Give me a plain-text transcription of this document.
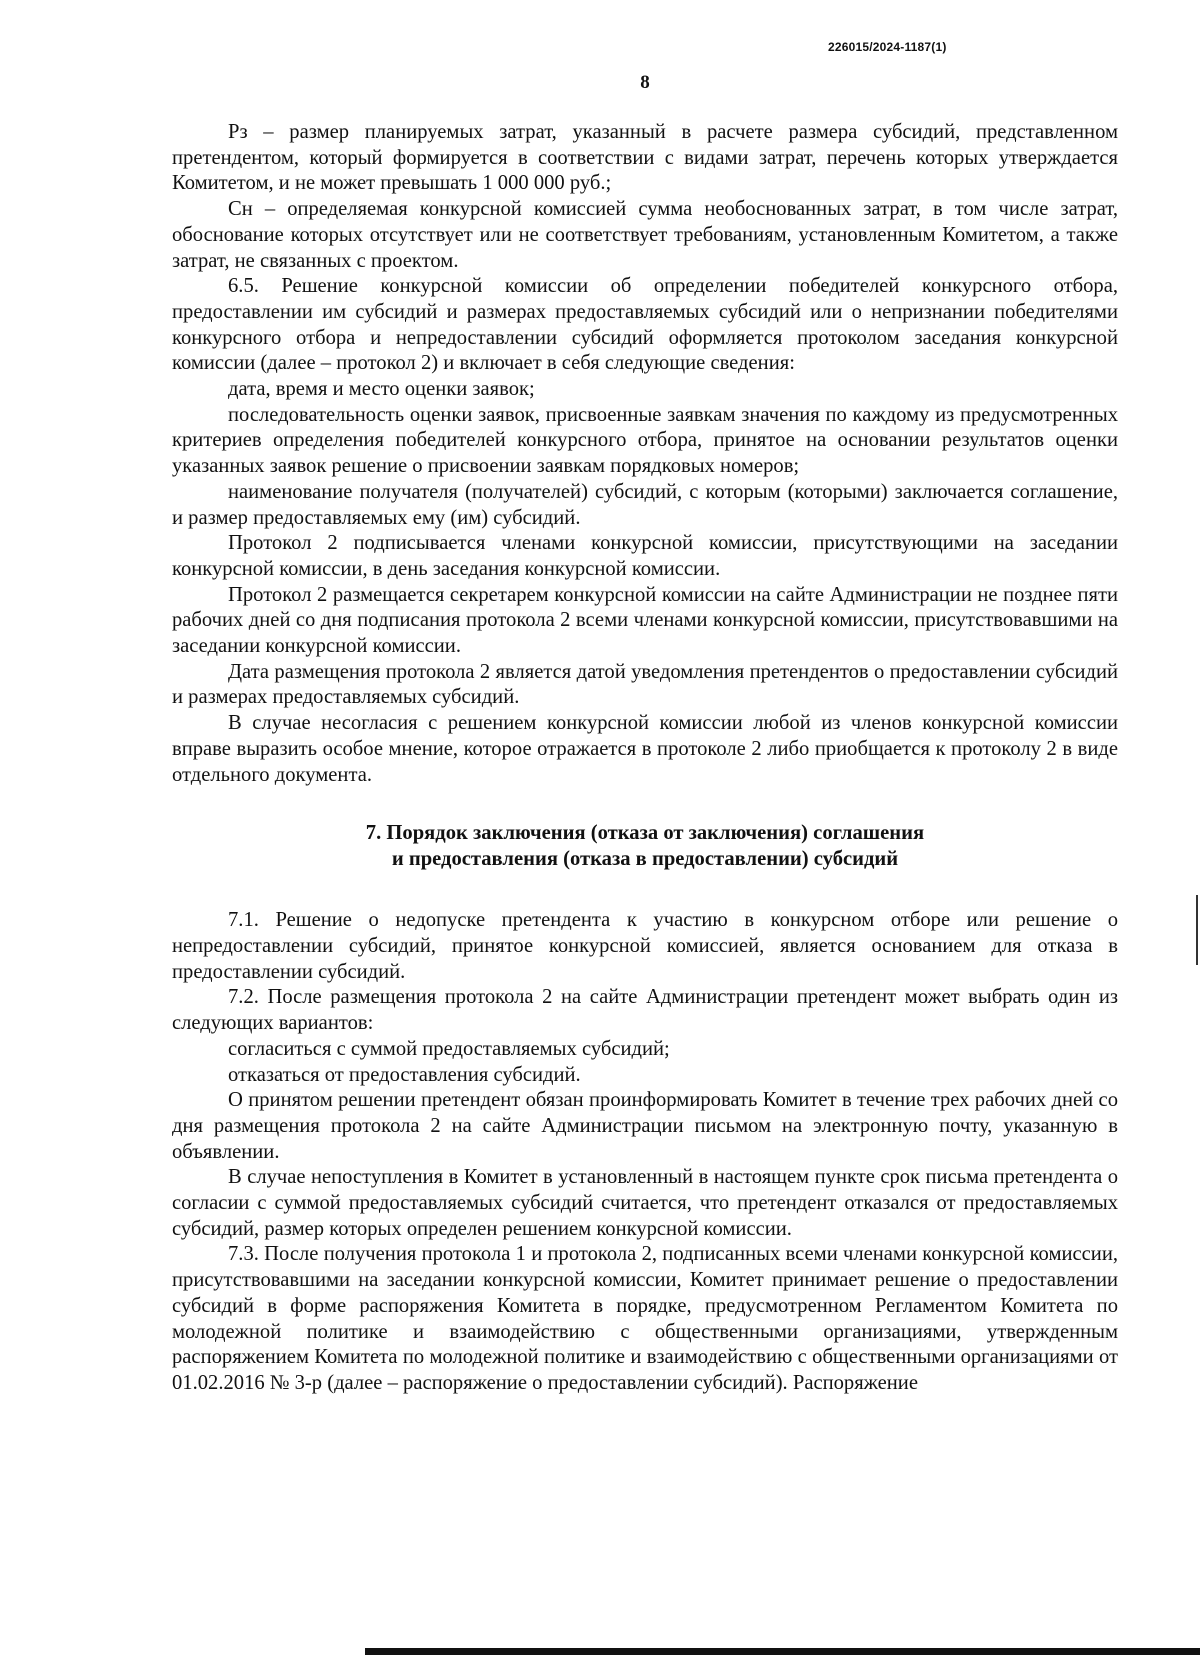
226015/2024-1187(1)
8

Рз – размер планируемых затрат, указанный в расчете размера субсидий, представленном претендентом, который формируется в соответствии с видами затрат, перечень которых утверждается Комитетом, и не может превышать 1 000 000 руб.;

Сн – определяемая конкурсной комиссией сумма необоснованных затрат, в том числе затрат, обоснование которых отсутствует или не соответствует требованиям, установленным Комитетом, а также затрат, не связанных с проектом.

6.5. Решение конкурсной комиссии об определении победителей конкурсного отбора, предоставлении им субсидий и размерах предоставляемых субсидий или о непризнании победителями конкурсного отбора и непредоставлении субсидий оформляется протоколом заседания конкурсной комиссии (далее – протокол 2) и включает в себя следующие сведения:

дата, время и место оценки заявок;

последовательность оценки заявок, присвоенные заявкам значения по каждому из предусмотренных критериев определения победителей конкурсного отбора, принятое на основании результатов оценки указанных заявок решение о присвоении заявкам порядковых номеров;

наименование получателя (получателей) субсидий, с которым (которыми) заключается соглашение, и размер предоставляемых ему (им) субсидий.

Протокол 2 подписывается членами конкурсной комиссии, присутствующими на заседании конкурсной комиссии, в день заседания конкурсной комиссии.

Протокол 2 размещается секретарем конкурсной комиссии на сайте Администрации не позднее пяти рабочих дней со дня подписания протокола 2 всеми членами конкурсной комиссии, присутствовавшими на заседании конкурсной комиссии.

Дата размещения протокола 2 является датой уведомления претендентов о предоставлении субсидий и размерах предоставляемых субсидий.

В случае несогласия с решением конкурсной комиссии любой из членов конкурсной комиссии вправе выразить особое мнение, которое отражается в протоколе 2 либо приобщается к протоколу 2 в виде отдельного документа.

7. Порядок заключения (отказа от заключения) соглашения
и предоставления (отказа в предоставлении) субсидий

7.1. Решение о недопуске претендента к участию в конкурсном отборе или решение о непредоставлении субсидий, принятое конкурсной комиссией, является основанием для отказа в предоставлении субсидий.

7.2. После размещения протокола 2 на сайте Администрации претендент может выбрать один из следующих вариантов:

согласиться с суммой предоставляемых субсидий;

отказаться от предоставления субсидий.

О принятом решении претендент обязан проинформировать Комитет в течение трех рабочих дней со дня размещения протокола 2 на сайте Администрации письмом на электронную почту, указанную в объявлении.

В случае непоступления в Комитет в установленный в настоящем пункте срок письма претендента о согласии с суммой предоставляемых субсидий считается, что претендент отказался от предоставляемых субсидий, размер которых определен решением конкурсной комиссии.

7.3. После получения протокола 1 и протокола 2, подписанных всеми членами конкурсной комиссии, присутствовавшими на заседании конкурсной комиссии, Комитет принимает решение о предоставлении субсидий в форме распоряжения Комитета в порядке, предусмотренном Регламентом Комитета по молодежной политике и взаимодействию с общественными организациями, утвержденным распоряжением Комитета по молодежной политике и взаимодействию с общественными организациями от 01.02.2016 № 3-р (далее – распоряжение о предоставлении субсидий). Распоряжение
